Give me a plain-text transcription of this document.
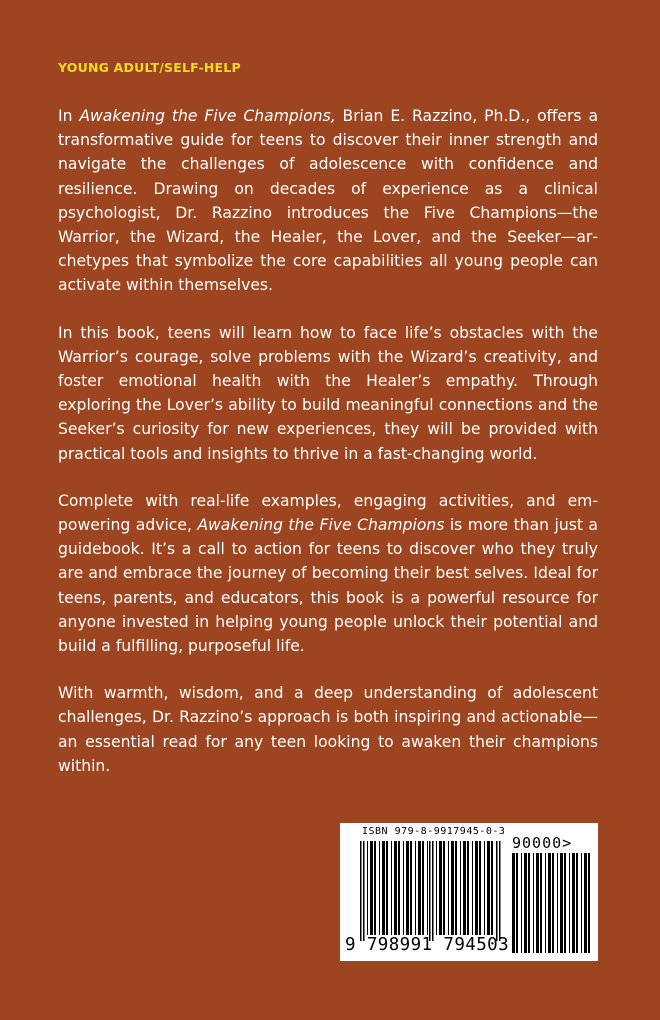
YOUNG ADULT/SELF-HELP

In Awakening the Five Champions, Brian E. Razzino, Ph.D., offers a transformative guide for teens to discover their inner strength and navigate the challenges of adolescence with confidence and resilience. Drawing on decades of experience as a clinical psychologist, Dr. Razzino introduces the Five Champions—the Warrior, the Wizard, the Healer, the Lover, and the Seeker—archetypes that symbolize the core capabilities all young people can activate within themselves.

In this book, teens will learn how to face life’s obstacles with the Warrior’s courage, solve problems with the Wizard’s creativity, and foster emotional health with the Healer’s empathy. Through exploring the Lover’s ability to build meaningful connections and the Seeker’s curiosity for new experiences, they will be provided with practical tools and insights to thrive in a fast-changing world.

Complete with real-life examples, engaging activities, and empowering advice, Awakening the Five Champions is more than just a guidebook. It’s a call to action for teens to discover who they truly are and embrace the journey of becoming their best selves. Ideal for teens, parents, and educators, this book is a powerful resource for anyone invested in helping young people unlock their potential and build a fulfilling, purposeful life.

With warmth, wisdom, and a deep understanding of adolescent challenges, Dr. Razzino’s approach is both inspiring and actionable—an essential read for any teen looking to awaken their champions within.

ISBN 979-8-9917945-0-3
90000>
9 798991 794503
